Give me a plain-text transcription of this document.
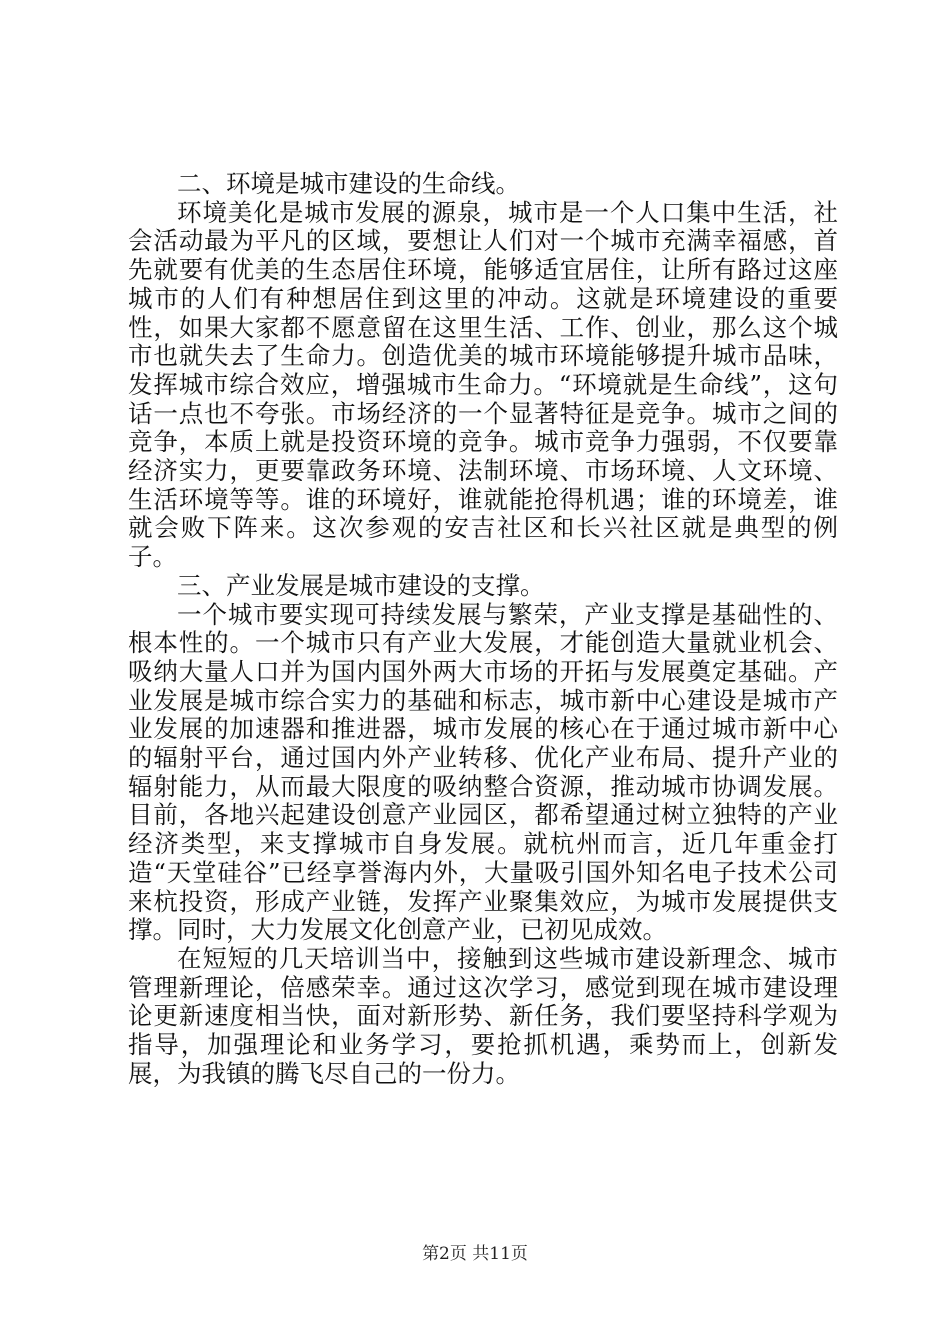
二、环境是城市建设的生命线。

环境美化是城市发展的源泉，城市是一个人口集中生活，社会活动最为平凡的区域，要想让人们对一个城市充满幸福感，首先就要有优美的生态居住环境，能够适宜居住，让所有路过这座城市的人们有种想居住到这里的冲动。这就是环境建设的重要性，如果大家都不愿意留在这里生活、工作、创业，那么这个城市也就失去了生命力。创造优美的城市环境能够提升城市品味，发挥城市综合效应，增强城市生命力。“环境就是生命线”，这句话一点也不夸张。市场经济的一个显著特征是竞争。城市之间的竞争，本质上就是投资环境的竞争。城市竞争力强弱，不仅要靠经济实力，更要靠政务环境、法制环境、市场环境、人文环境、生活环境等等。谁的环境好，谁就能抢得机遇；谁的环境差，谁就会败下阵来。这次参观的安吉社区和长兴社区就是典型的例子。

三、产业发展是城市建设的支撑。

一个城市要实现可持续发展与繁荣，产业支撑是基础性的、根本性的。一个城市只有产业大发展，才能创造大量就业机会、吸纳大量人口并为国内国外两大市场的开拓与发展奠定基础。产业发展是城市综合实力的基础和标志，城市新中心建设是城市产业发展的加速器和推进器，城市发展的核心在于通过城市新中心的辐射平台，通过国内外产业转移、优化产业布局、提升产业的辐射能力，从而最大限度的吸纳整合资源，推动城市协调发展。目前，各地兴起建设创意产业园区，都希望通过树立独特的产业经济类型，来支撑城市自身发展。就杭州而言，近几年重金打造“天堂硅谷”已经享誉海内外，大量吸引国外知名电子技术公司来杭投资，形成产业链，发挥产业聚集效应，为城市发展提供支撑。同时，大力发展文化创意产业，已初见成效。

在短短的几天培训当中，接触到这些城市建设新理念、城市管理新理论，倍感荣幸。通过这次学习，感觉到现在城市建设理论更新速度相当快，面对新形势、新任务，我们要坚持科学观为指导，加强理论和业务学习，要抢抓机遇，乘势而上，创新发展，为我镇的腾飞尽自己的一份力。

第2页 共11页
